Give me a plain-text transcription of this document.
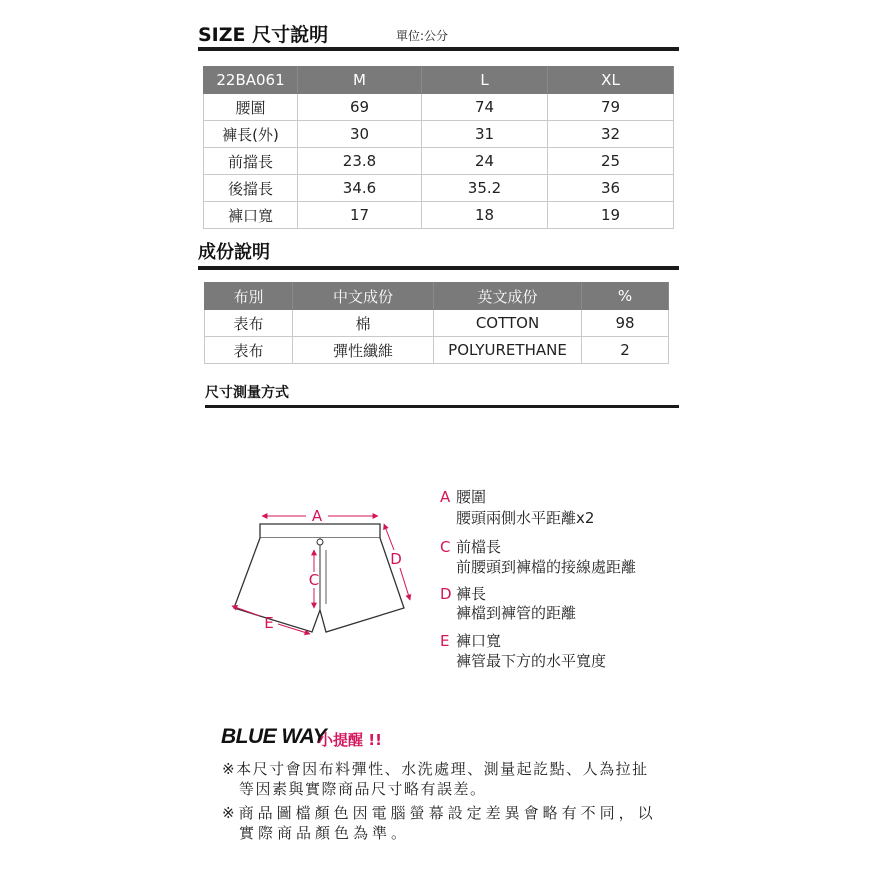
SIZE 尺寸說明	單位:公分
22BA061	M	L	XL
腰圍	69	74	79
褲長(外)	30	31	32
前擋長	23.8	24	25
後擋長	34.6	35.2	36
褲口寬	17	18	19
成份說明
布別	中文成份	英文成份	%
表布	棉	COTTON	98
表布	彈性纖維	POLYURETHANE	2
尺寸測量方式
A
C
D
E
A 腰圍
腰頭兩側水平距離x2
C 前檔長
前腰頭到褲檔的接線處距離
D 褲長
褲檔到褲管的距離
E 褲口寬
褲管最下方的水平寬度
BLUE WAY
小提醒 !!
※本尺寸會因布料彈性、水洗處理、測量起訖點、人為拉扯
等因素與實際商品尺寸略有誤差。
※商品圖檔顏色因電腦螢幕設定差異會略有不同，以
實際商品顏色為準。
